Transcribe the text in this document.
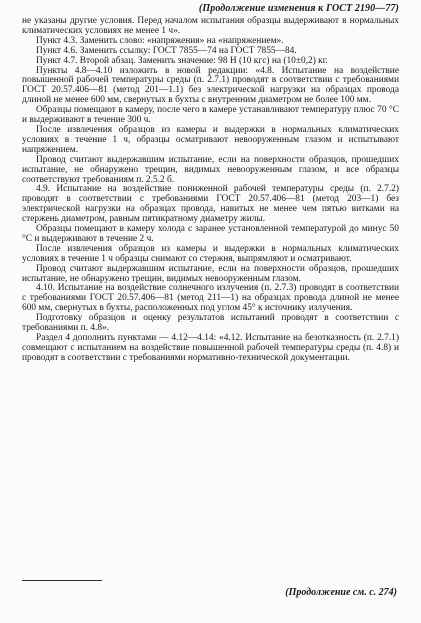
(Продолжение изменения к ГОСТ 2190—77)

не указаны другие условия. Перед началом испытания образцы выдерживают в нормальных климатических условиях не менее 1 ч».

Пункт 4.3. Заменить слово: «напряжения» на «напряжением».

Пункт 4.6. Заменить ссылку: ГОСТ 7855—74 на ГОСТ 7855—84.

Пункт 4.7. Второй абзац. Заменить значение: 98 Н (10 кгс) на (10±0,2) кг.

Пункты 4.8—4.10 изложить в новой редакции: «4.8. Испытание на воздействие повышенной рабочей температуры среды (п. 2.7.1) проводят в соответствии с требованиями ГОСТ 20.57.406—81 (метод 201—1.1) без электрической нагрузки на образцах провода длиной не менее 600 мм, свернутых в бухты с внутренним диаметром не более 100 мм.

Образцы помещают в камеру, после чего в камере устанавливают температуру плюс 70 °С и выдерживают в течение 300 ч.

После извлечения образцов из камеры и выдержки в нормальных климатических условиях в течение 1 ч, образцы осматривают невооруженным глазом и испытывают напряжением.

Провод считают выдержавшим испытание, если на поверхности образцов, прошедших испытание, не обнаружено трещин, видимых невооруженным глазом, и все образцы соответствуют требованиям п. 2.5.2 б.

4.9. Испытание на воздействие пониженной рабочей температуры среды (п. 2.7.2) проводят в соответствии с требованиями ГОСТ 20.57.406—81 (метод 203—1) без электрической нагрузки на образцах провода, навитых не менее чем пятью витками на стержень диаметром, равным пятикратному диаметру жилы.

Образцы помещают в камеру холода с заранее установленной температурой до минус 50 °С и выдерживают в течение 2 ч.

После извлечения образцов из камеры и выдержки в нормальных климатических условиях в течение 1 ч образцы снимают со стержня, выпрямляют и осматривают.

Провод считают выдержавшим испытание, если на поверхности образцов, прошедших испытание, не обнаружено трещин, видимых невооруженным глазом.

4.10. Испытание на воздействие солнечного излучения (п. 2.7.3) проводят в соответствии с требованиями ГОСТ 20.57.406—81 (метод 211—1) на образцах провода длиной не менее 600 мм, свернутых в бухты, расположенных под углом 45° к источнику излучения.

Подготовку образцов и оценку результатов испытаний проводят в соответствии с требованиями п. 4.8».

Раздел 4 дополнить пунктами — 4.12—4.14: «4.12. Испытание на безотказность (п. 2.7.1) совмещают с испытанием на воздействие повышенной рабочей температуры среды (п. 4.8) и проводят в соответствии с требованиями нормативно-технической документации.

(Продолжение см. с. 274)
